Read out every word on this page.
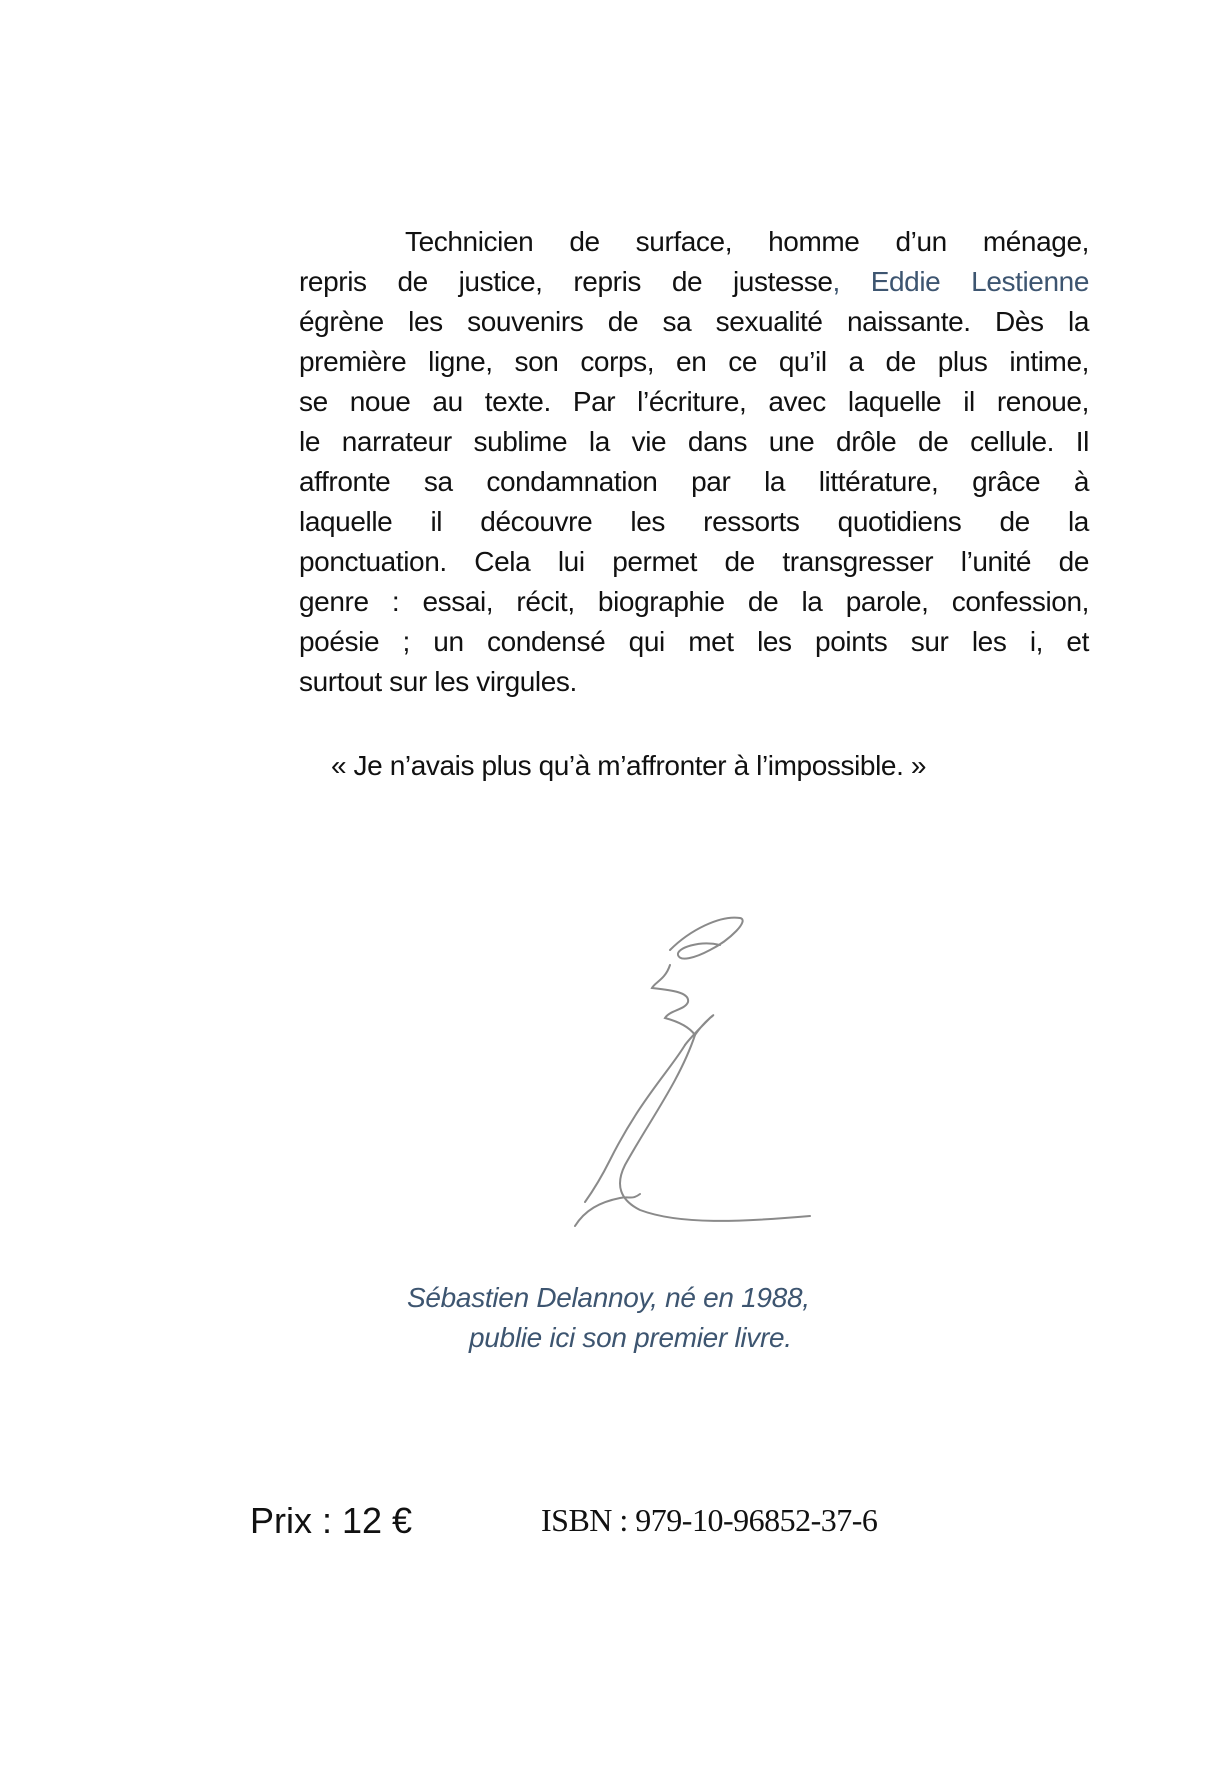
Technicien de surface, homme d’un ménage,
repris de justice, repris de justesse, Eddie Lestienne
égrène les souvenirs de sa sexualité naissante. Dès la
première ligne, son corps, en ce qu’il a de plus intime,
se noue au texte. Par l’écriture, avec laquelle il renoue,
le narrateur sublime la vie dans une drôle de cellule. Il
affronte sa condamnation par la littérature, grâce à
laquelle il découvre les ressorts quotidiens de la
ponctuation. Cela lui permet de transgresser l’unité de
genre : essai, récit, biographie de la parole, confession,
poésie ; un condensé qui met les points sur les i, et
surtout sur les virgules.
« Je n’avais plus qu’à m’affronter à l’impossible. »
Sébastien Delannoy, né en 1988,
publie ici son premier livre.
Prix : 12 €	ISBN : 979-10-96852-37-6
